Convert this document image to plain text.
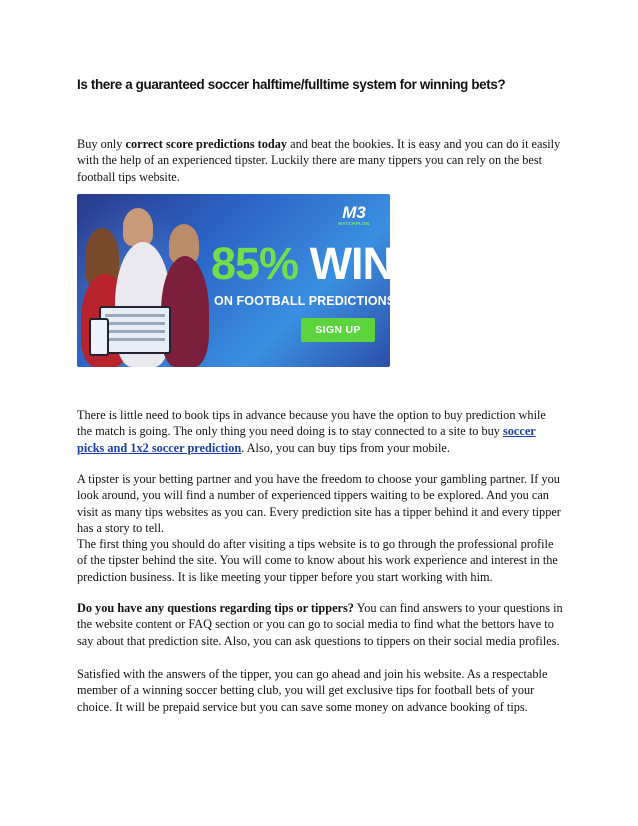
Is there a guaranteed soccer halftime/fulltime system for winning bets?

Buy only correct score predictions today and beat the bookies. It is easy and you can do it easily with the help of an experienced tipster. Luckily there are many tippers you can rely on the best football tips website.

M3
MATCHPLOG
85% WINS
ON FOOTBALL PREDICTIONS
SIGN UP

There is little need to book tips in advance because you have the option to buy prediction while the match is going. The only thing you need doing is to stay connected to a site to buy soccer picks and 1x2 soccer prediction. Also, you can buy tips from your mobile.

A tipster is your betting partner and you have the freedom to choose your gambling partner. If you look around, you will find a number of experienced tippers waiting to be explored. And you can visit as many tips websites as you can. Every prediction site has a tipper behind it and every tipper has a story to tell.

The first thing you should do after visiting a tips website is to go through the professional profile of the tipster behind the site. You will come to know about his work experience and interest in the prediction business. It is like meeting your tipper before you start working with him.

Do you have any questions regarding tips or tippers? You can find answers to your questions in the website content or FAQ section or you can go to social media to find what the bettors have to say about that prediction site. Also, you can ask questions to tippers on their social media profiles.

Satisfied with the answers of the tipper, you can go ahead and join his website. As a respectable member of a winning soccer betting club, you will get exclusive tips for football bets of your choice. It will be prepaid service but you can save some money on advance booking of tips.
